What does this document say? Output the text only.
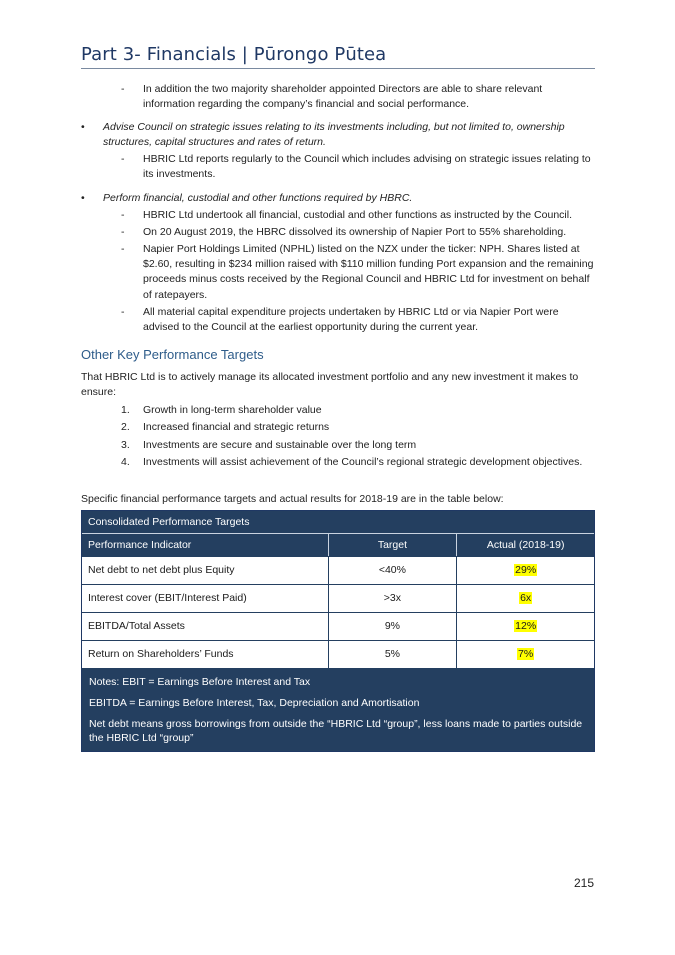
Part 3- Financials | Pūrongo Pūtea
- In addition the two majority shareholder appointed Directors are able to share relevant information regarding the company’s financial and social performance.
• Advise Council on strategic issues relating to its investments including, but not limited to, ownership structures, capital structures and rates of return.
- HBRIC Ltd reports regularly to the Council which includes advising on strategic issues relating to its investments.
• Perform financial, custodial and other functions required by HBRC.
- HBRIC Ltd undertook all financial, custodial and other functions as instructed by the Council.
- On 20 August 2019, the HBRC dissolved its ownership of Napier Port to 55% shareholding.
- Napier Port Holdings Limited (NPHL) listed on the NZX under the ticker: NPH. Shares listed at $2.60, resulting in $234 million raised with $110 million funding Port expansion and the remaining proceeds minus costs received by the Regional Council and HBRIC Ltd for investment on behalf of ratepayers.
- All material capital expenditure projects undertaken by HBRIC Ltd or via Napier Port were advised to the Council at the earliest opportunity during the current year.
Other Key Performance Targets
That HBRIC Ltd is to actively manage its allocated investment portfolio and any new investment it makes to ensure:
1. Growth in long-term shareholder value
2. Increased financial and strategic returns
3. Investments are secure and sustainable over the long term
4. Investments will assist achievement of the Council’s regional strategic development objectives.
Specific financial performance targets and actual results for 2018-19 are in the table below:
Consolidated Performance Targets
Performance Indicator	Target	Actual (2018-19)
Net debt to net debt plus Equity	<40%	29%
Interest cover (EBIT/Interest Paid)	>3x	6x
EBITDA/Total Assets	9%	12%
Return on Shareholders’ Funds	5%	7%

Notes: EBIT = Earnings Before Interest and Tax

EBITDA = Earnings Before Interest, Tax, Depreciation and Amortisation

Net debt means gross borrowings from outside the “HBRIC Ltd “group”, less loans made to parties outside the HBRIC Ltd “group”

215
